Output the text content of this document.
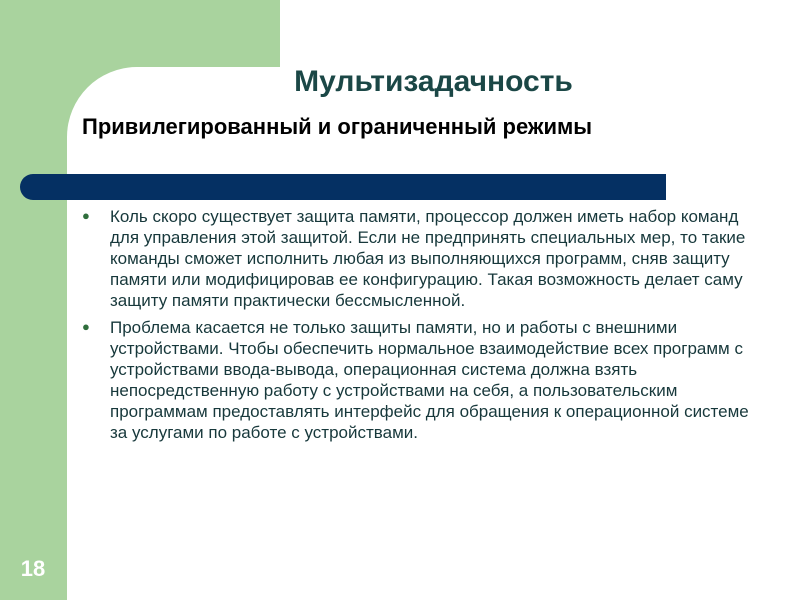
Мультизадачность
Привилегированный и ограниченный режимы
● Коль скоро существует защита памяти, процессор должен иметь набор команд для управления этой защитой. Если не предпринять специальных мер, то такие команды сможет исполнить любая из выполняющихся программ, сняв защиту памяти или модифицировав ее конфигурацию. Такая возможность делает саму защиту памяти практически бессмысленной.
● Проблема касается не только защиты памяти, но и работы с внешними устройствами. Чтобы обеспечить нормальное взаимодействие всех программ с устройствами ввода-вывода, операционная система должна взять непосредственную работу с устройствами на себя, а пользовательским программам предоставлять интерфейс для обращения к операционной системе за услугами по работе с устройствами.
18
